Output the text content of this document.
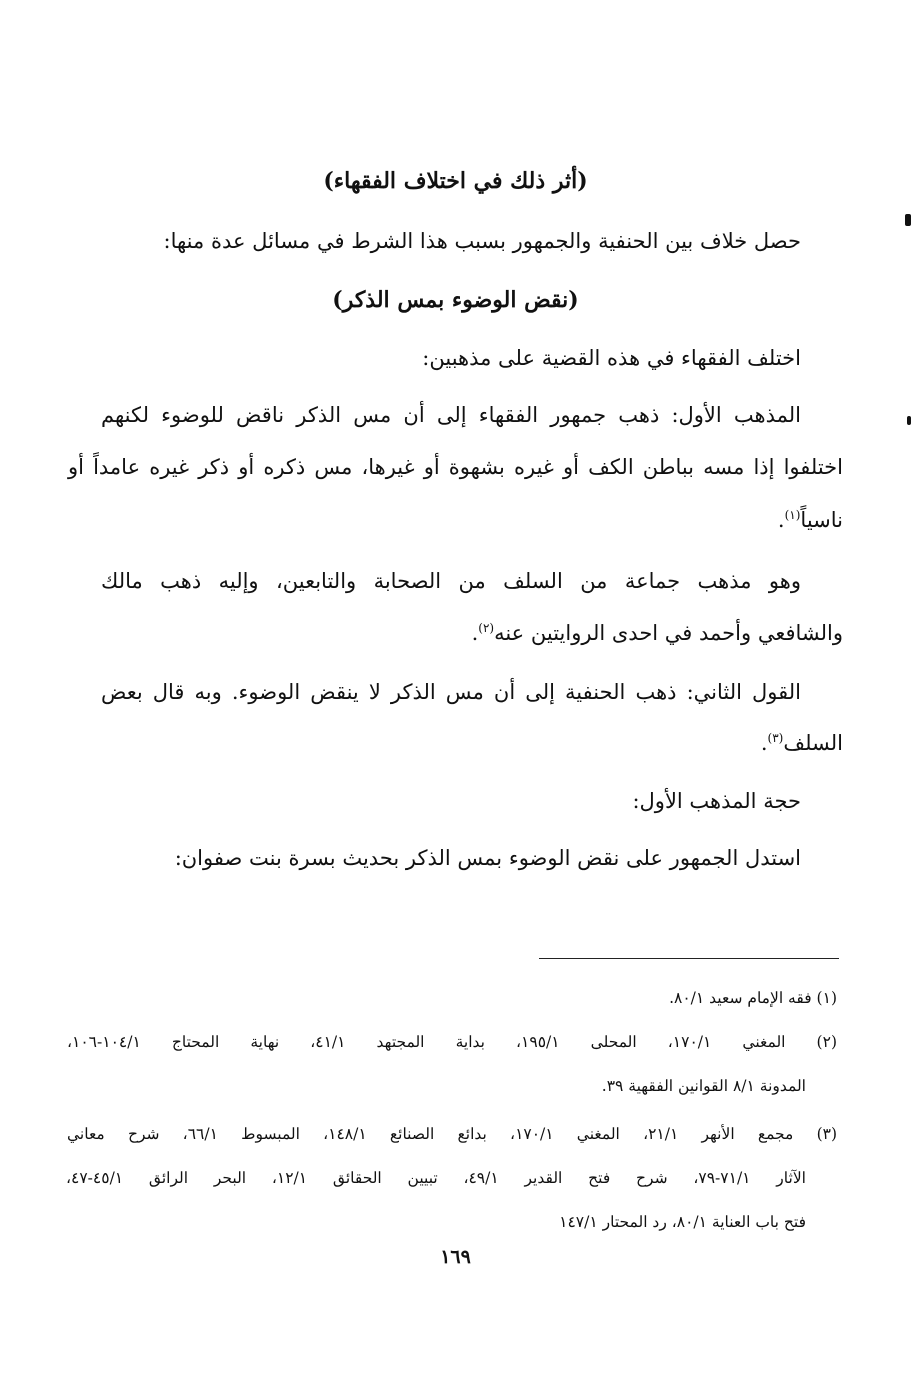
(أثر ذلك في اختلاف الفقهاء)

حصل خلاف بين الحنفية والجمهور بسبب هذا الشرط في مسائل عدة منها:

(نقض الوضوء بمس الذكر)

اختلف الفقهاء في هذه القضية على مذهبين:

المذهب الأول: ذهب جمهور الفقهاء إلى أن مس الذكر ناقض للوضوء لكنهم

اختلفوا إذا مسه بباطن الكف أو غيره بشهوة أو غيرها، مس ذكره أو ذكر غيره عامداً أو

ناسياً$^{(١)}$.

وهو مذهب جماعة من السلف من الصحابة والتابعين، وإليه ذهب مالك

والشافعي وأحمد في احدى الروايتين عنه$^{(٢)}$.

القول الثاني: ذهب الحنفية إلى أن مس الذكر لا ينقض الوضوء. وبه قال بعض

السلف$^{(٣)}$.

حجة المذهب الأول:

استدل الجمهور على نقض الوضوء بمس الذكر بحديث بسرة بنت صفوان:

(١) فقه الإمام سعيد ٨٠/١.

(٢) المغني ١٧٠/١، المحلى ١٩٥/١، بداية المجتهد ٤١/١، نهاية المحتاج ١٠٤/١-١٠٦،

المدونة ٨/١ القوانين الفقهية ٣٩.

(٣) مجمع الأنهر ٢١/١، المغني ١٧٠/١، بدائع الصنائع ١٤٨/١، المبسوط ٦٦/١، شرح معاني

الآثار ٧١/١-٧٩، شرح فتح القدير ٤٩/١، تبيين الحقائق ١٢/١، البحر الرائق ٤٥/١-٤٧،

فتح باب العناية ٨٠/١، رد المحتار ١٤٧/١

١٦٩
